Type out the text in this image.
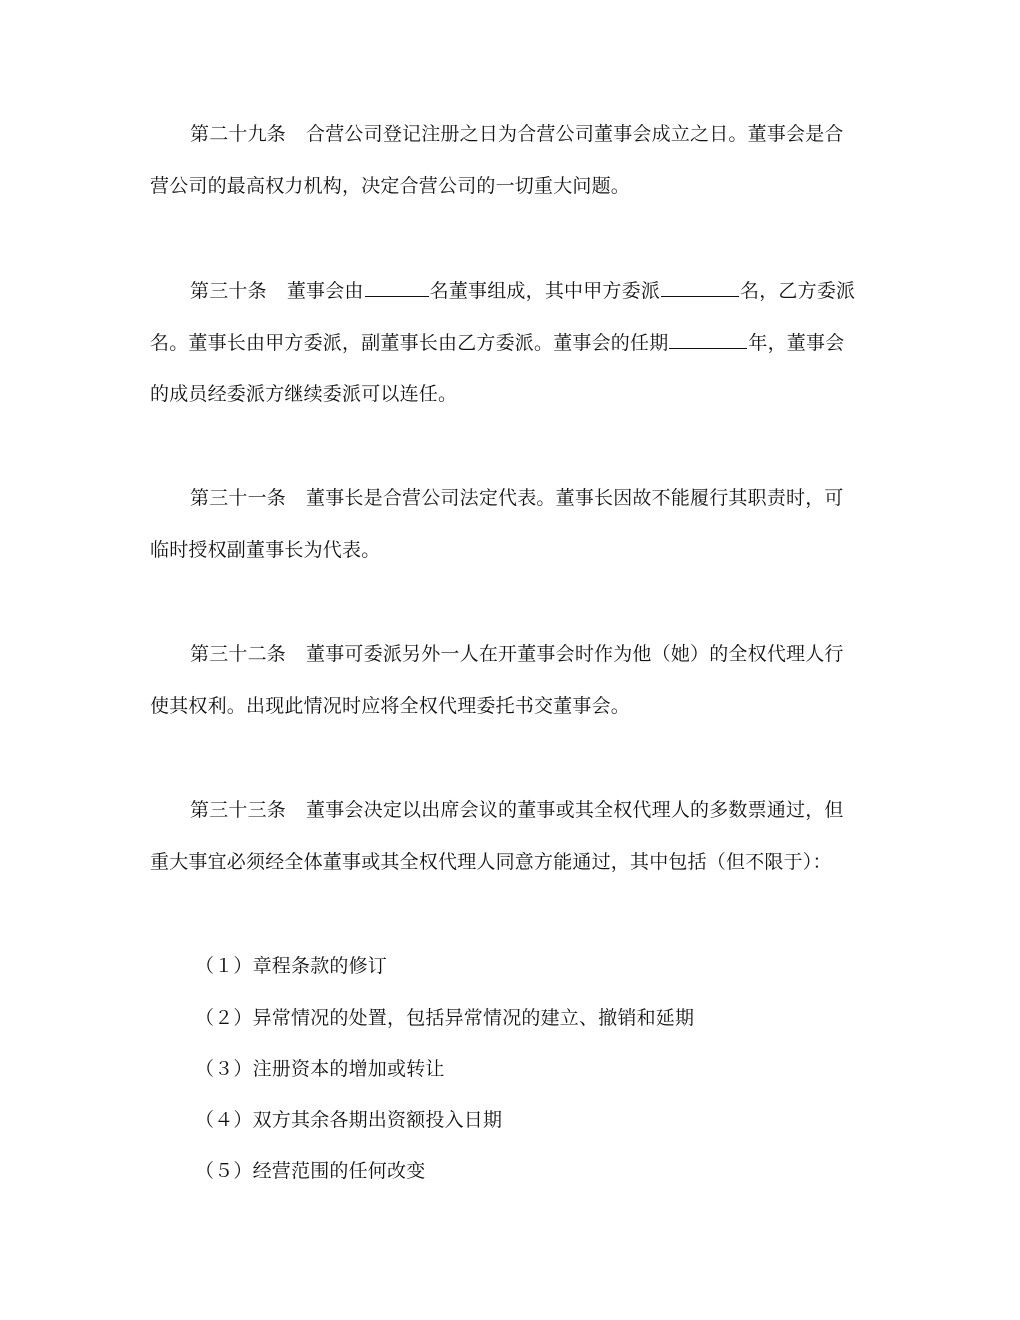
第二十九条 合营公司登记注册之日为合营公司董事会成立之日。董事会是合
营公司的最高权力机构，决定合营公司的一切重大问题。
第三十条 董事会由	名董事组成，其中甲方委派	名，乙方委派
名。董事长由甲方委派，副董事长由乙方委派。董事会的任期	年，董事会
的成员经委派方继续委派可以连任。
第三十一条 董事长是合营公司法定代表。董事长因故不能履行其职责时，可
临时授权副董事长为代表。
第三十二条 董事可委派另外一人在开董事会时作为他（她）的全权代理人行
使其权利。出现此情况时应将全权代理委托书交董事会。
第三十三条 董事会决定以出席会议的董事或其全权代理人的多数票通过，但
重大事宜必须经全体董事或其全权代理人同意方能通过，其中包括（但不限于）：
（１）章程条款的修订
（２）异常情况的处置，包括异常情况的建立、撤销和延期
（３）注册资本的增加或转让
（４）双方其余各期出资额投入日期
（５）经营范围的任何改变
